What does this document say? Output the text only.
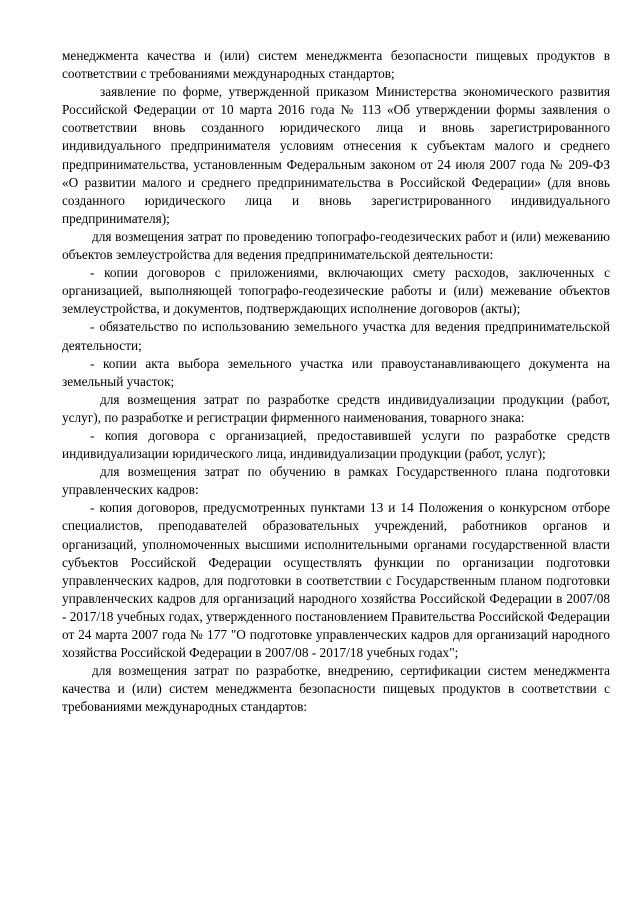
менеджмента качества и (или) систем менеджмента безопасности пищевых продуктов в соответствии с требованиями международных стандартов;

заявление по форме, утвержденной приказом Министерства экономического развития Российской Федерации от 10 марта 2016 года № 113 «Об утверждении формы заявления о соответствии вновь созданного юридического лица и вновь зарегистрированного индивидуального предпринимателя условиям отнесения к субъектам малого и среднего предпринимательства, установленным Федеральным законом от 24 июля 2007 года № 209-ФЗ «О развитии малого и среднего предпринимательства в Российской Федерации» (для вновь созданного юридического лица и вновь зарегистрированного индивидуального предпринимателя);

для возмещения затрат по проведению топографо-геодезических работ и (или) межеванию объектов землеустройства для ведения предпринимательской деятельности:

- копии договоров с приложениями, включающих смету расходов, заключенных с организацией, выполняющей топографо-геодезические работы и (или) межевание объектов землеустройства, и документов, подтверждающих исполнение договоров (акты);

- обязательство по использованию земельного участка для ведения предпринимательской деятельности;

- копии акта выбора земельного участка или правоустанавливающего документа на земельный участок;

для возмещения затрат по разработке средств индивидуализации продукции (работ, услуг), по разработке и регистрации фирменного наименования, товарного знака:

- копия договора с организацией, предоставившей услуги по разработке средств индивидуализации юридического лица, индивидуализации продукции (работ, услуг);

для возмещения затрат по обучению в рамках Государственного плана подготовки управленческих кадров:

- копия договоров, предусмотренных пунктами 13 и 14 Положения о конкурсном отборе специалистов, преподавателей образовательных учреждений, работников органов и организаций, уполномоченных высшими исполнительными органами государственной власти субъектов Российской Федерации осуществлять функции по организации подготовки управленческих кадров, для подготовки в соответствии с Государственным планом подготовки управленческих кадров для организаций народного хозяйства Российской Федерации в 2007/08 - 2017/18 учебных годах, утвержденного постановлением Правительства Российской Федерации от 24 марта 2007 года № 177 "О подготовке управленческих кадров для организаций народного хозяйства Российской Федерации в 2007/08 - 2017/18 учебных годах";

для возмещения затрат по разработке, внедрению, сертификации систем менеджмента качества и (или) систем менеджмента безопасности пищевых продуктов в соответствии с требованиями международных стандартов:
